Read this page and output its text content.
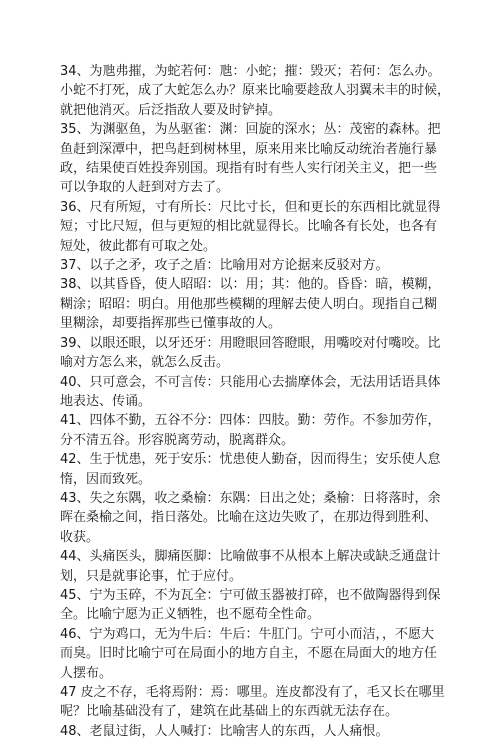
34、为虺弗摧，为蛇若何：虺：小蛇；摧：毁灭；若何：怎么办。
小蛇不打死，成了大蛇怎么办？原来比喻要趁敌人羽翼未丰的时候，
就把他消灭。后泛指敌人要及时铲掉。
35、为渊驱鱼，为丛驱雀：渊：回旋的深水；丛：茂密的森林。把
鱼赶到深潭中，把鸟赶到树林里，原来用来比喻反动统治者施行暴
政，结果使百姓投奔别国。现指有时有些人实行闭关主义，把一些
可以争取的人赶到对方去了。
36、尺有所短，寸有所长：尺比寸长，但和更长的东西相比就显得
短；寸比尺短，但与更短的相比就显得长。比喻各有长处，也各有
短处，彼此都有可取之处。
37、以子之矛，攻子之盾：比喻用对方论据来反驳对方。
38、以其昏昏，使人昭昭：以：用；其：他的。昏昏：暗，模糊，
糊涂；昭昭：明白。用他那些模糊的理解去使人明白。现指自己糊
里糊涂，却要指挥那些已懂事故的人。
39、以眼还眼，以牙还牙：用瞪眼回答瞪眼，用嘴咬对付嘴咬。比
喻对方怎么来，就怎么反击。
40、只可意会，不可言传：只能用心去揣摩体会，无法用话语具体
地表达、传诵。
41、四体不勤，五谷不分：四体：四肢。勤：劳作。不参加劳作，
分不清五谷。形容脱离劳动，脱离群众。
42、生于忧患，死于安乐：忧患使人勤奋，因而得生；安乐使人怠
惰，因而致死。
43、失之东隅，收之桑榆：东隅：日出之处；桑榆：日将落时，余
晖在桑榆之间，指日落处。比喻在这边失败了，在那边得到胜利、
收获。
44、头痛医头，脚痛医脚：比喻做事不从根本上解决或缺乏通盘计
划，只是就事论事，忙于应付。
45、宁为玉碎，不为瓦全：宁可做玉器被打碎，也不做陶器得到保
全。比喻宁愿为正义牺牲，也不愿苟全性命。
46、宁为鸡口，无为牛后：牛后：牛肛门。宁可小而洁，，不愿大
而臭。旧时比喻宁可在局面小的地方自主，不愿在局面大的地方任
人摆布。
47 皮之不存，毛将焉附：焉：哪里。连皮都没有了，毛又长在哪里
呢？比喻基础没有了，建筑在此基础上的东西就无法存在。
48、老鼠过街，人人喊打：比喻害人的东西，人人痛恨。
